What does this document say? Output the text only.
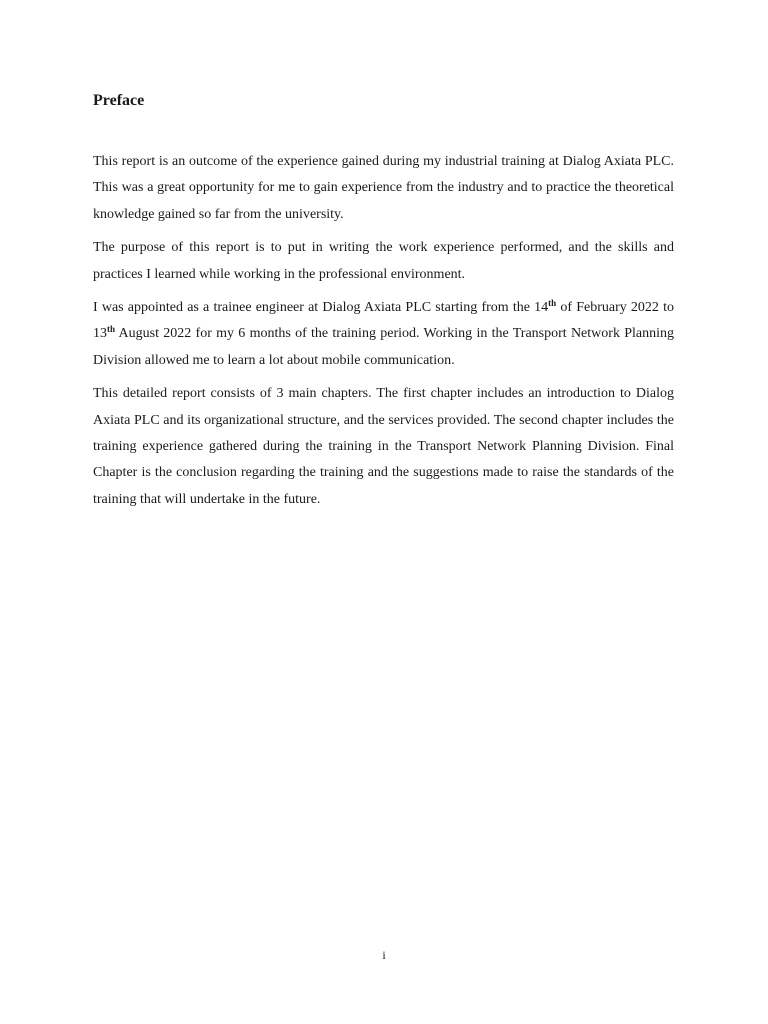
Preface

This report is an outcome of the experience gained during my industrial training at Dialog Axiata PLC. This was a great opportunity for me to gain experience from the industry and to practice the theoretical knowledge gained so far from the university.

The purpose of this report is to put in writing the work experience performed, and the skills and practices I learned while working in the professional environment.

I was appointed as a trainee engineer at Dialog Axiata PLC starting from the 14th of February 2022 to 13th August 2022 for my 6 months of the training period. Working in the Transport Network Planning Division allowed me to learn a lot about mobile communication.

This detailed report consists of 3 main chapters. The first chapter includes an introduction to Dialog Axiata PLC and its organizational structure, and the services provided. The second chapter includes the training experience gathered during the training in the Transport Network Planning Division. Final Chapter is the conclusion regarding the training and the suggestions made to raise the standards of the training that will undertake in the future.

i
